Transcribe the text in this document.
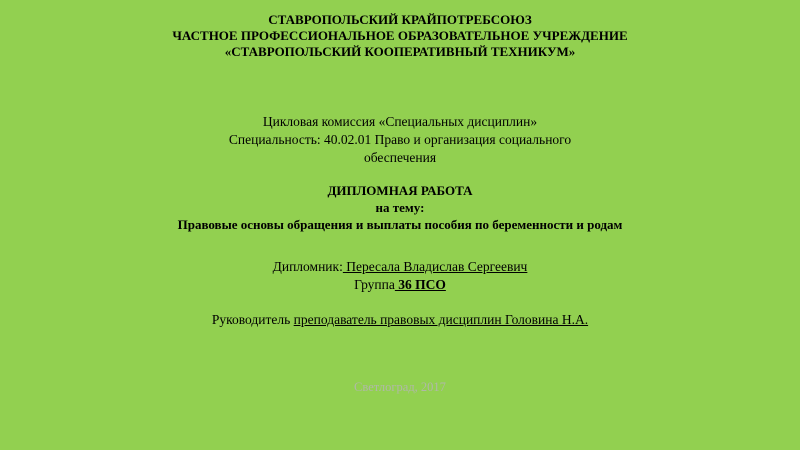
СТАВРОПОЛЬСКИЙ КРАЙПОТРЕБСОЮЗ
ЧАСТНОЕ ПРОФЕССИОНАЛЬНОЕ ОБРАЗОВАТЕЛЬНОЕ УЧРЕЖДЕНИЕ
«СТАВРОПОЛЬСКИЙ КООПЕРАТИВНЫЙ ТЕХНИКУМ»
Цикловая комиссия «Специальных дисциплин»
Специальность: 40.02.01 Право и организация социального
обеспечения
ДИПЛОМНАЯ РАБОТА
на тему:
Правовые основы обращения и выплаты пособия по беременности и родам
Дипломник: Пересала Владислав Сергеевич
Группа 36 ПСО
Руководитель преподаватель правовых дисциплин Головина Н.А.
Светлоград, 2017
